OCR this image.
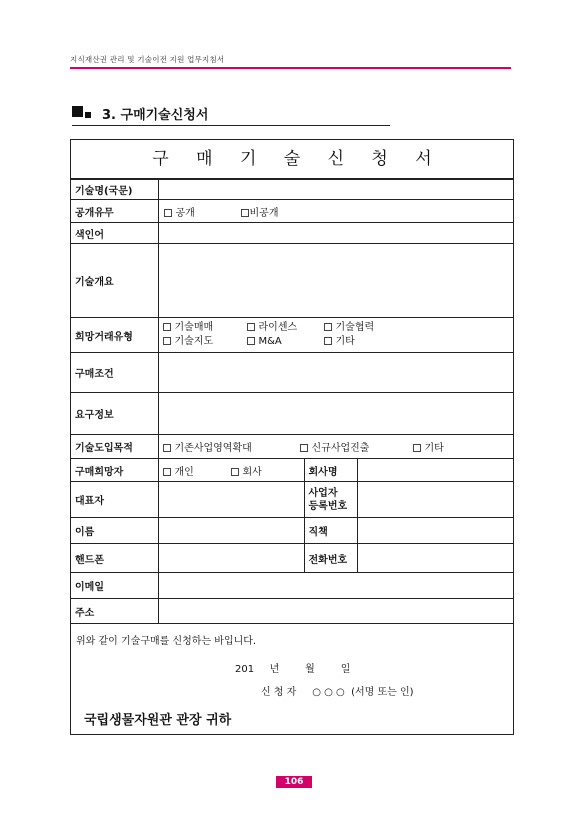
지식재산권 관리 및 기술이전 지원 업무지침서
3. 구매기술신청서
구 매 기 술 신 청 서
기술명(국문)			
공개유무	공개 비공개		
색인어			
기술개요			
희망거래유형	기술매매 라이센스 기술협력
기술지도 M&A 기타		
구매조건			
요구정보			
기술도입목적	기존사업영역확대 신규사업진출 기타		
구매희망자	개인 회사	회사명	
대표자		사업자
등록번호	
이름		직책	
핸드폰		전화번호	
이메일			
주소			
위와 같이 기술구매를 신청하는 바입니다.
201   년     월     일
신 청 자     ○ ○ ○  (서명 또는 인)
국립생물자원관 관장 귀하
106
